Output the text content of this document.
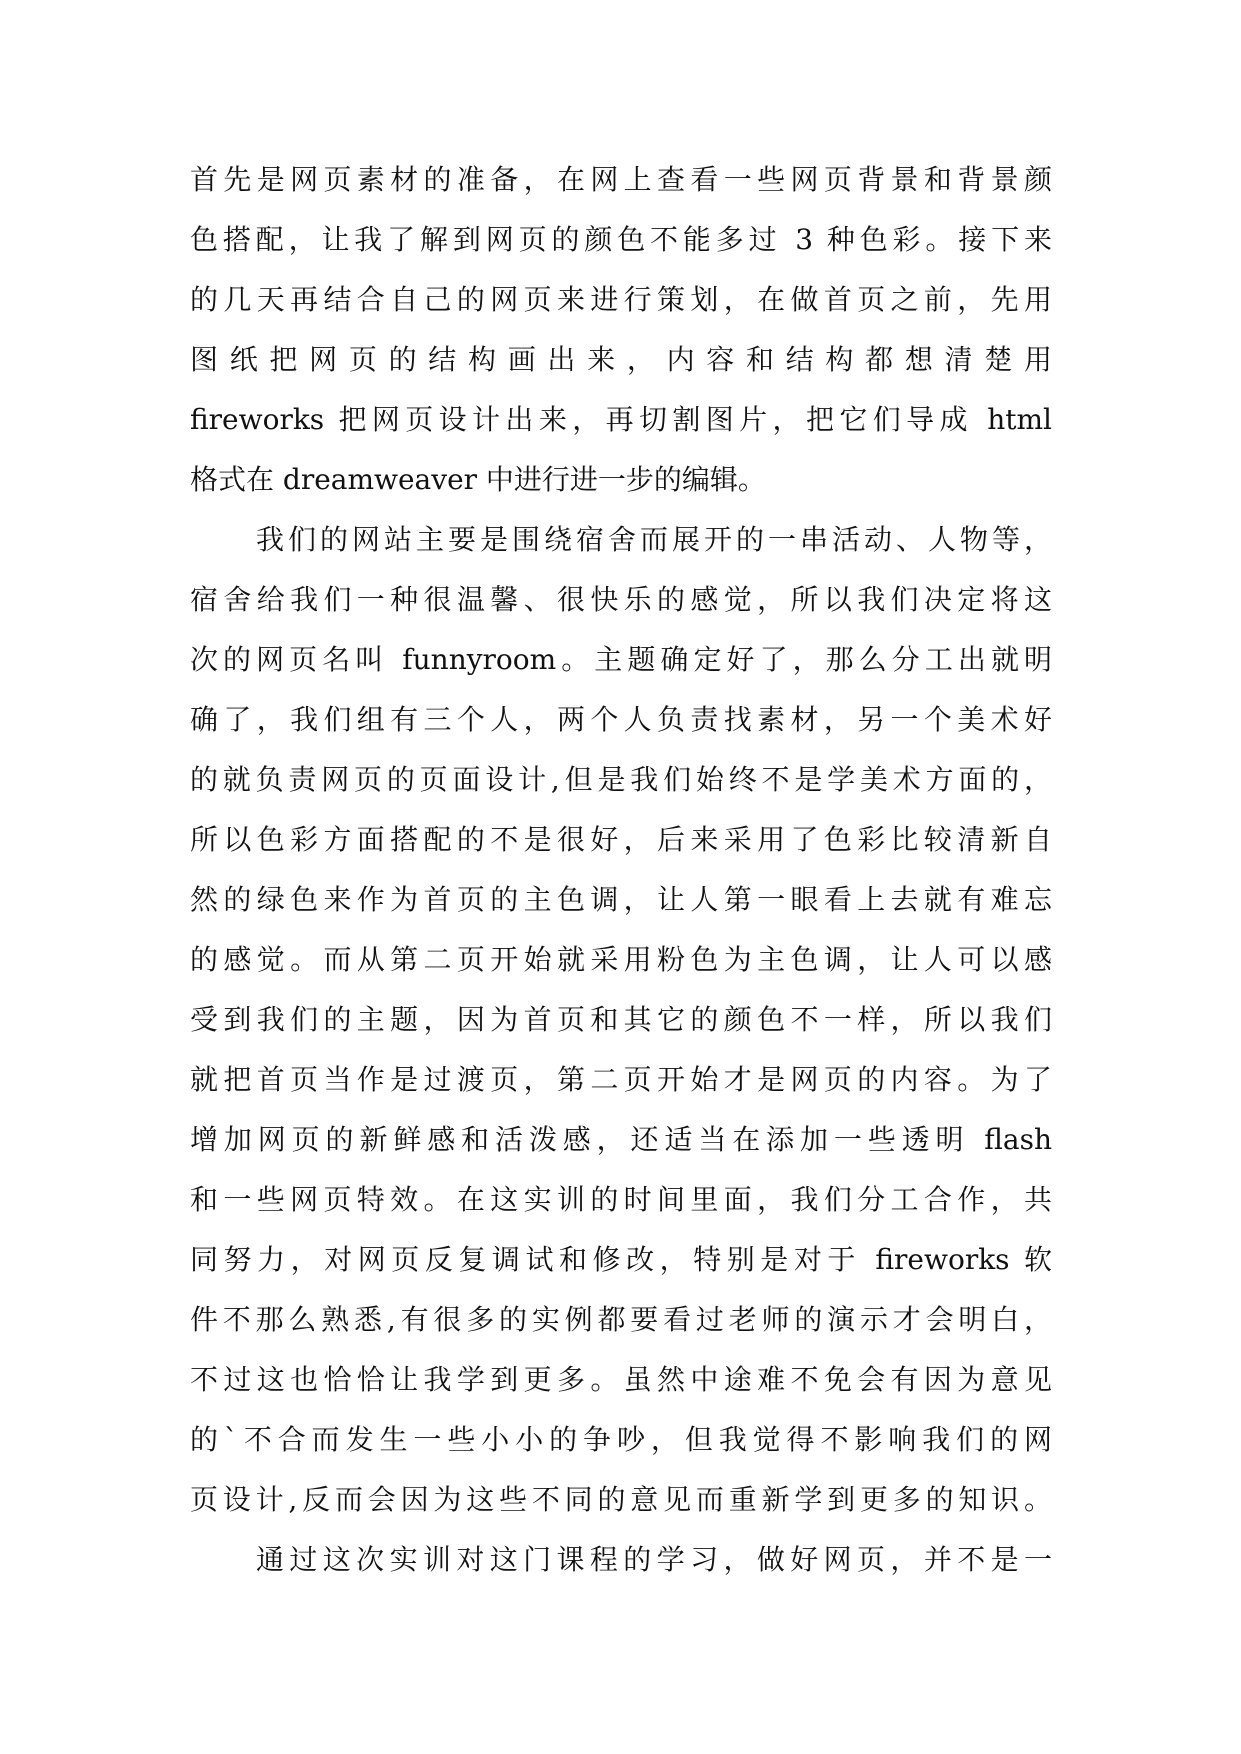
首先是网页素材的准备，在网上查看一些网页背景和背景颜
色搭配，让我了解到网页的颜色不能多过 3 种色彩。接下来
的几天再结合自己的网页来进行策划，在做首页之前，先用
图纸把网页的结构画出来，内容和结构都想清楚用
fireworks 把网页设计出来，再切割图片，把它们导成 html
格式在 dreamweaver 中进行进一步的编辑。
我们的网站主要是围绕宿舍而展开的一串活动、人物等，
宿舍给我们一种很温馨、很快乐的感觉，所以我们决定将这
次的网页名叫 funnyroom。主题确定好了，那么分工出就明
确了，我们组有三个人，两个人负责找素材，另一个美术好
的就负责网页的页面设计,但是我们始终不是学美术方面的，
所以色彩方面搭配的不是很好，后来采用了色彩比较清新自
然的绿色来作为首页的主色调，让人第一眼看上去就有难忘
的感觉。而从第二页开始就采用粉色为主色调，让人可以感
受到我们的主题，因为首页和其它的颜色不一样，所以我们
就把首页当作是过渡页，第二页开始才是网页的内容。为了
增加网页的新鲜感和活泼感，还适当在添加一些透明 flash
和一些网页特效。在这实训的时间里面，我们分工合作，共
同努力，对网页反复调试和修改，特别是对于 fireworks 软
件不那么熟悉,有很多的实例都要看过老师的演示才会明白，
不过这也恰恰让我学到更多。虽然中途难不免会有因为意见
的`不合而发生一些小小的争吵，但我觉得不影响我们的网
页设计,反而会因为这些不同的意见而重新学到更多的知识。
通过这次实训对这门课程的学习，做好网页，并不是一
